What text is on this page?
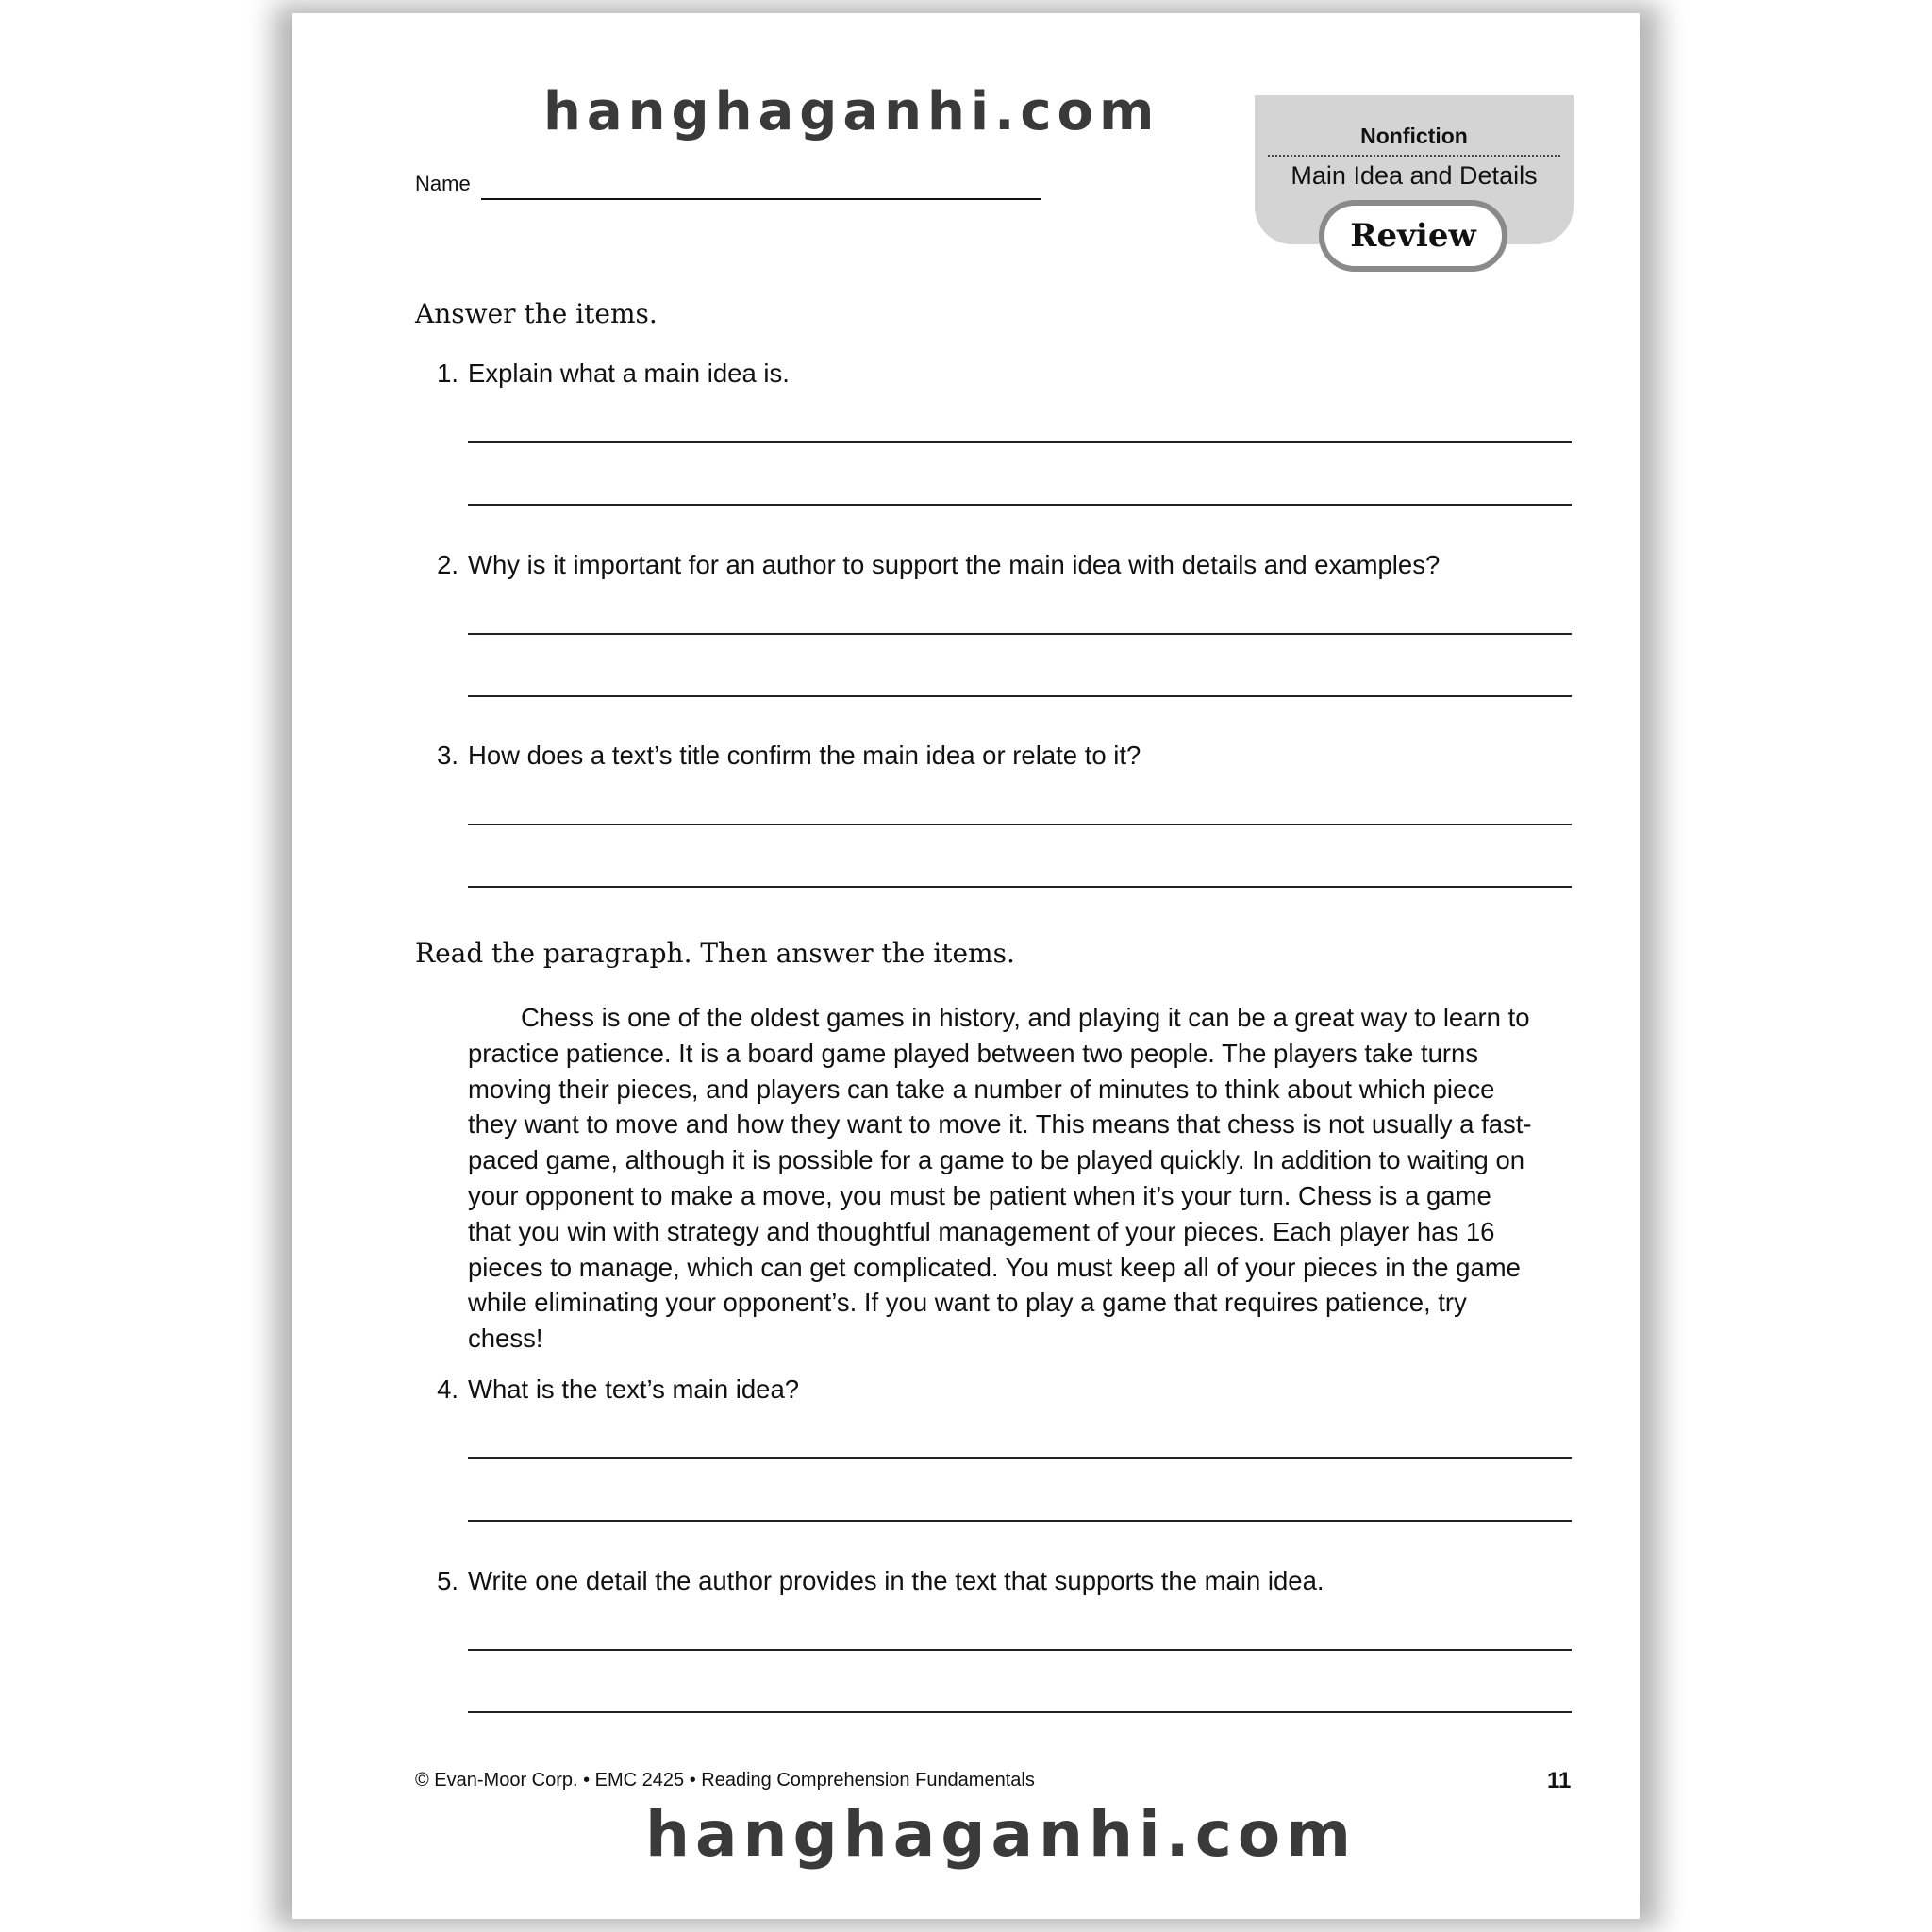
hanghaganhi.com
Name
Nonfiction
Main Idea and Details
Review
Answer the items.
1. Explain what a main idea is.
2. Why is it important for an author to support the main idea with details and examples?
3. How does a text’s title confirm the main idea or relate to it?
Read the paragraph. Then answer the items.
Chess is one of the oldest games in history, and playing it can be a great way to learn to practice patience. It is a board game played between two people. The players take turns moving their pieces, and players can take a number of minutes to think about which piece they want to move and how they want to move it. This means that chess is not usually a fast-paced game, although it is possible for a game to be played quickly. In addition to waiting on your opponent to make a move, you must be patient when it’s your turn. Chess is a game that you win with strategy and thoughtful management of your pieces. Each player has 16 pieces to manage, which can get complicated. You must keep all of your pieces in the game while eliminating your opponent’s. If you want to play a game that requires patience, try chess!
4. What is the text’s main idea?
5. Write one detail the author provides in the text that supports the main idea.
© Evan-Moor Corp. • EMC 2425 • Reading Comprehension Fundamentals	11
hanghaganhi.com
